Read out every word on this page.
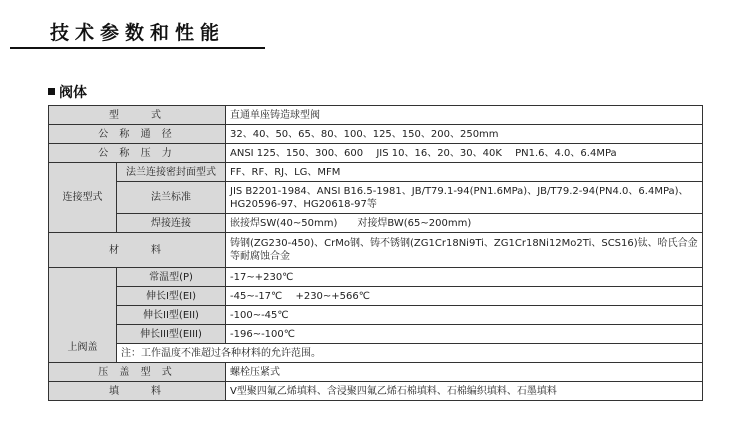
技术参数和性能
阀体
型　　式		直通单座铸造球型阀
公 称 通 径		32、40、50、65、80、100、125、150、200、250mm
公 称 压 力		ANSI 125、150、300、600　 JIS 10、16、20、30、40K　 PN1.6、4.0、6.4MPa
连接型式	法兰连接密封面型式	FF、RF、RJ、LG、MFM
	法兰标准	JIS B2201-1984、ANSI B16.5-1981、JB/T79.1-94(PN1.6MPa)、JB/T79.2-94(PN4.0、6.4MPa)、HG20596-97、HG20618-97等
	焊接连接	嵌接焊SW(40~50mm)　　对接焊BW(65~200mm)
材　　料		铸钢(ZG230-450)、CrMo钢、铸不锈钢(ZG1Cr18Ni9Ti、ZG1Cr18Ni12Mo2Ti、SCS16)钛、哈氏合金等耐腐蚀合金
上阀盖	常温型(P)	-17~+230℃
	伸长I型(EI)	-45~-17℃　 +230~+566℃
	伸长II型(EII)	-100~-45℃
	伸长III型(EIII)	-196~-100℃
	注：工作温度不准超过各种材料的允许范围。	
压 盖 型 式		螺栓压紧式
填　　料		V型聚四氟乙烯填料、含浸聚四氟乙烯石棉填料、石棉编织填料、石墨填料
